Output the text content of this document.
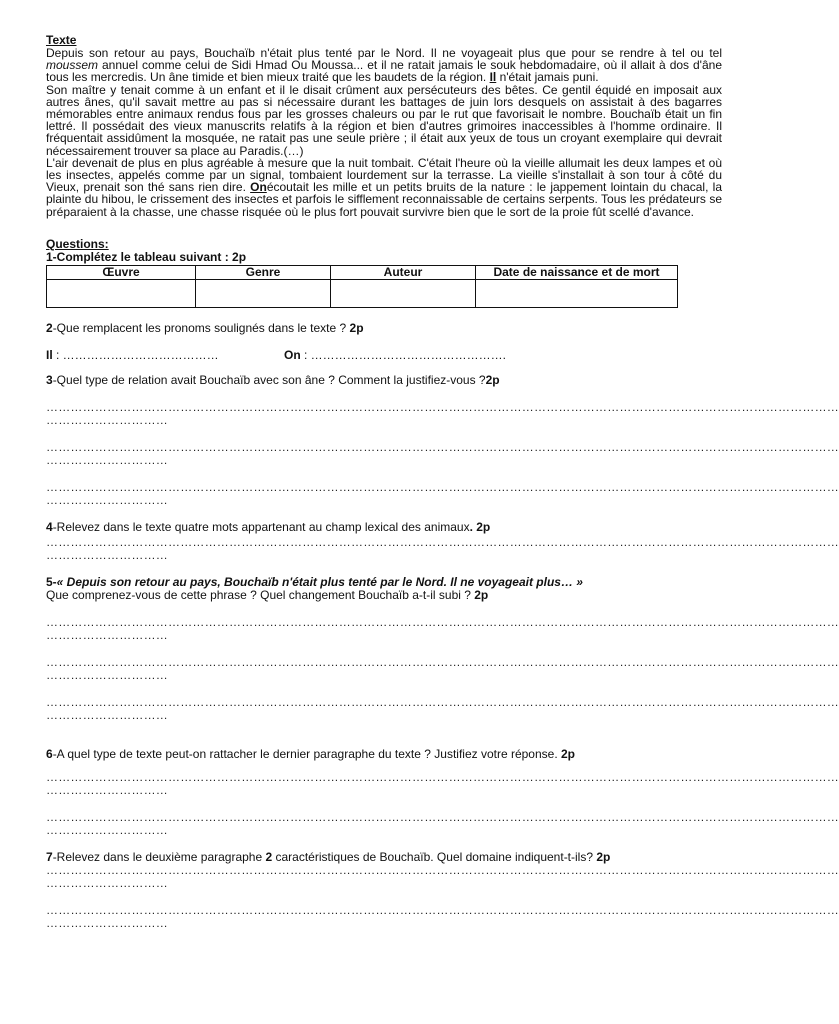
Texte

Depuis son retour au pays, Bouchaïb n'était plus tenté par le Nord. Il ne voyageait plus que pour se rendre à tel ou tel moussem annuel comme celui de Sidi Hmad Ou Moussa... et il ne ratait jamais le souk hebdomadaire, où il allait à dos d'âne tous les mercredis. Un âne timide et bien mieux traité que les baudets de la région. Il n'était jamais puni.

Son maître y tenait comme à un enfant et il le disait crûment aux persécuteurs des bêtes. Ce gentil équidé en imposait aux autres ânes, qu'il savait mettre au pas si nécessaire durant les battages de juin lors desquels on assistait à des bagarres mémorables entre animaux rendus fous par les grosses chaleurs ou par le rut que favorisait le nombre. Bouchaïb était un fin lettré. Il possédait des vieux manuscrits relatifs à la région et bien d'autres grimoires inaccessibles à l'homme ordinaire. Il fréquentait assidûment la mosquée, ne ratait pas une seule prière ; il était aux yeux de tous un croyant exemplaire qui devrait nécessairement trouver sa place au Paradis.(…)

L'air devenait de plus en plus agréable à mesure que la nuit tombait. C'était l'heure où la vieille allumait les deux lampes et où les insectes, appelés comme par un signal, tombaient lourdement sur la terrasse. La vieille s'installait à son tour à côté du Vieux, prenait son thé sans rien dire. Onécoutait les mille et un petits bruits de la nature : le jappement lointain du chacal, la plainte du hibou, le crissement des insectes et parfois le sifflement reconnaissable de certains serpents. Tous les prédateurs se préparaient à la chasse, une chasse risquée où le plus fort pouvait survivre bien que le sort de la proie fût scellé d'avance.

Questions:
1-Complétez le tableau suivant : 2p
Œuvre	Genre	Auteur	Date de naissance et de mort

2-Que remplacent les pronoms soulignés dans le texte ? 2p
Il : …………………………………	On : ………………………………………….
3-Quel type de relation avait Bouchaïb avec son âne ? Comment la justifiez-vous ?2p
……………………………………………………………………………………………………………………………………………………………………………
…………………………
……………………………………………………………………………………………………………………………………………………………………………
…………………………
……………………………………………………………………………………………………………………………………………………………………………
…………………………
4-Relevez dans le texte quatre mots appartenant au champ lexical des animaux. 2p
……………………………………………………………………………………………………………………………………………………………………………
…………………………
5-« Depuis son retour au pays, Bouchaïb n'était plus tenté par le Nord. Il ne voyageait plus… »
Que comprenez-vous de cette phrase ? Quel changement Bouchaïb a-t-il subi ? 2p
……………………………………………………………………………………………………………………………………………………………………………
…………………………
……………………………………………………………………………………………………………………………………………………………………………
…………………………
……………………………………………………………………………………………………………………………………………………………………………
…………………………
6-A quel type de texte peut-on rattacher le dernier paragraphe du texte ? Justifiez votre réponse. 2p
……………………………………………………………………………………………………………………………………………………………………………
…………………………
……………………………………………………………………………………………………………………………………………………………………………
…………………………
7-Relevez dans le deuxième paragraphe 2 caractéristiques de Bouchaïb. Quel domaine indiquent-t-ils? 2p
……………………………………………………………………………………………………………………………………………………………………………
…………………………
……………………………………………………………………………………………………………………………………………………………………………
…………………………
